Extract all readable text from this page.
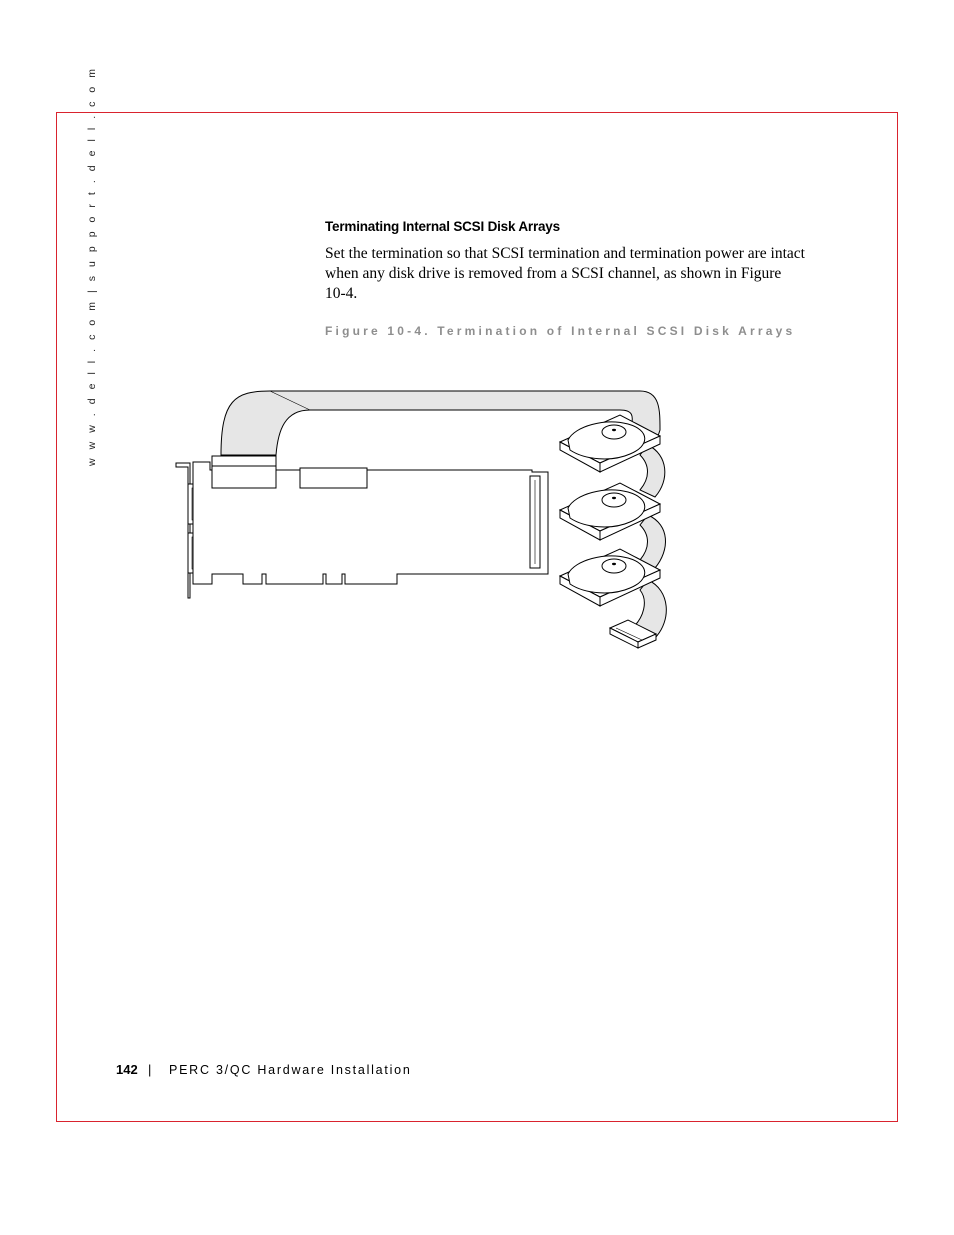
w w w . d e l l . c o m | s u p p o r t . d e l l . c o m	Terminating Internal SCSI Disk Arrays
Set the termination so that SCSI termination and termination power are intact when any disk drive is removed from a SCSI channel, as shown in Figure 10-4.
Figure 10-4. Termination of Internal SCSI Disk Arrays
142 | PERC 3/QC Hardware Installation
